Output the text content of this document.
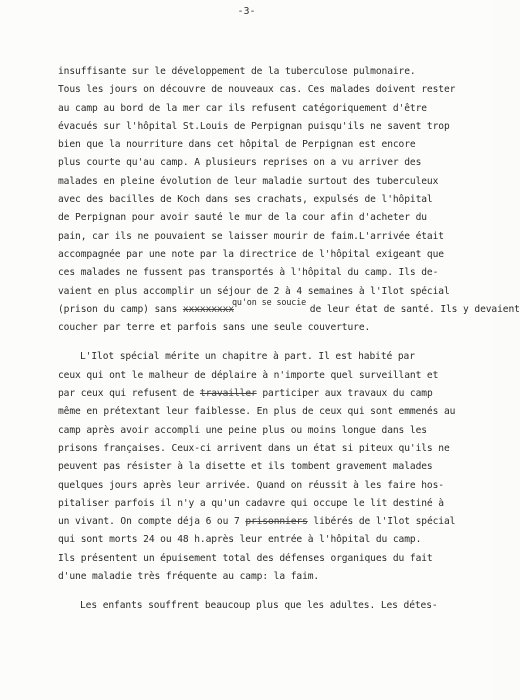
-3-
insuffisante sur le développement de la tuberculose pulmonaire.
Tous les jours on découvre de nouveaux cas. Ces malades doivent rester
au camp au bord de la mer car ils refusent catégoriquement d'être
évacués sur l'hôpital St.Louis de Perpignan puisqu'ils ne savent trop
bien que la nourriture dans cet hôpital de Perpignan est encore
plus courte qu'au camp. A plusieurs reprises on a vu arriver des
malades en pleine évolution de leur maladie surtout des tuberculeux
avec des bacilles de Koch dans ses crachats, expulsés de l'hôpital
de Perpignan pour avoir sauté le mur de la cour afin d'acheter du
pain, car ils ne pouvaient se laisser mourir de faim.L'arrivée était
accompagnée par une note par la directrice de l'hôpital exigeant que
ces malades ne fussent pas transportés à l'hôpital du camp. Ils de-
vaient en plus accomplir un séjour de 2 à 4 semaines à l'Ilot spécial
(prison du camp) sans xxxxxxxxxqu'on se soucie de leur état de santé. Ils y devaient
coucher par terre et parfois sans une seule couverture.
L'Ilot spécial mérite un chapitre à part. Il est habité par
ceux qui ont le malheur de déplaire à n'importe quel surveillant et
par ceux qui refusent de travailler participer aux travaux du camp
même en prétextant leur faiblesse. En plus de ceux qui sont emmenés au
camp après avoir accompli une peine plus ou moins longue dans les
prisons françaises. Ceux-ci arrivent dans un état si piteux qu'ils ne
peuvent pas résister à la disette et ils tombent gravement malades
quelques jours après leur arrivée. Quand on réussit à les faire hos-
pitaliser parfois il n'y a qu'un cadavre qui occupe le lit destiné à
un vivant. On compte déja 6 ou 7 prisonniers libérés de l'Ilot spécial
qui sont morts 24 ou 48 h.après leur entrée à l'hôpital du camp.
Ils présentent un épuisement total des défenses organiques du fait
d'une maladie très fréquente au camp: la faim.
Les enfants souffrent beaucoup plus que les adultes. Les détes-
